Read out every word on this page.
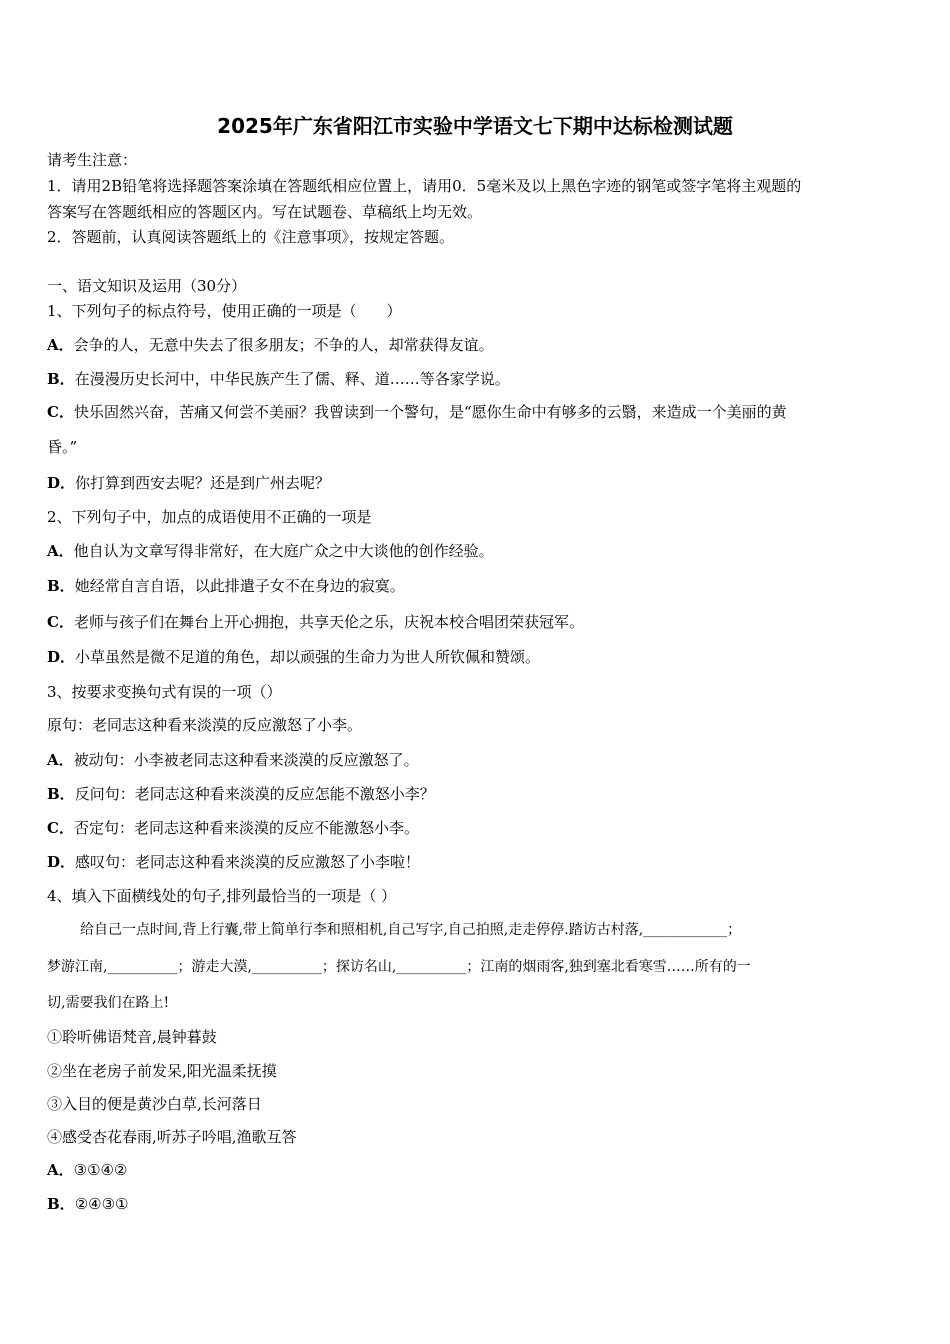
2025年广东省阳江市实验中学语文七下期中达标检测试题
请考生注意：
1．请用2B铅笔将选择题答案涂填在答题纸相应位置上，请用0．5毫米及以上黑色字迹的钢笔或签字笔将主观题的
答案写在答题纸相应的答题区内。写在试题卷、草稿纸上均无效。
2．答题前，认真阅读答题纸上的《注意事项》，按规定答题。
一、语文知识及运用（30分）
1、下列句子的标点符号，使用正确的一项是（　　）
A．会争的人，无意中失去了很多朋友；不争的人，却常获得友谊。
B．在漫漫历史长河中，中华民族产生了儒、释、道……等各家学说。
C．快乐固然兴奋，苦痛又何尝不美丽？我曾读到一个警句，是“愿你生命中有够多的云翳，来造成一个美丽的黄
昏。”
D．你打算到西安去呢？还是到广州去呢？
2、下列句子中，加点的成语使用不正确的一项是
A．他自认为文章写得非常好，在大庭广众之中大谈他的创作经验。
B．她经常自言自语，以此排遣子女不在身边的寂寞。
C．老师与孩子们在舞台上开心拥抱，共享天伦之乐，庆祝本校合唱团荣获冠军。
D．小草虽然是微不足道的角色，却以顽强的生命力为世人所钦佩和赞颂。
3、按要求变换句式有误的一项（）
原句：老同志这种看来淡漠的反应激怒了小李。
A．被动句：小李被老同志这种看来淡漠的反应激怒了。
B．反问句：老同志这种看来淡漠的反应怎能不激怒小李？
C．否定句：老同志这种看来淡漠的反应不能激怒小李。
D．感叹句：老同志这种看来淡漠的反应激怒了小李啦！
4、填入下面横线处的句子,排列最恰当的一项是（ ）
给自己一点时间,背上行囊,带上简单行李和照相机,自己写字,自己拍照,走走停停.踏访古村落,____________；
梦游江南,__________；游走大漠,__________；探访名山,__________；江南的烟雨客,独到塞北看寒雪……所有的一
切,需要我们在路上!
①聆听佛语梵音,晨钟暮鼓
②坐在老房子前发呆,阳光温柔抚摸
③入目的便是黄沙白草,长河落日
④感受杏花春雨,听苏子吟唱,渔歌互答
A．③①④②
B．②④③①
